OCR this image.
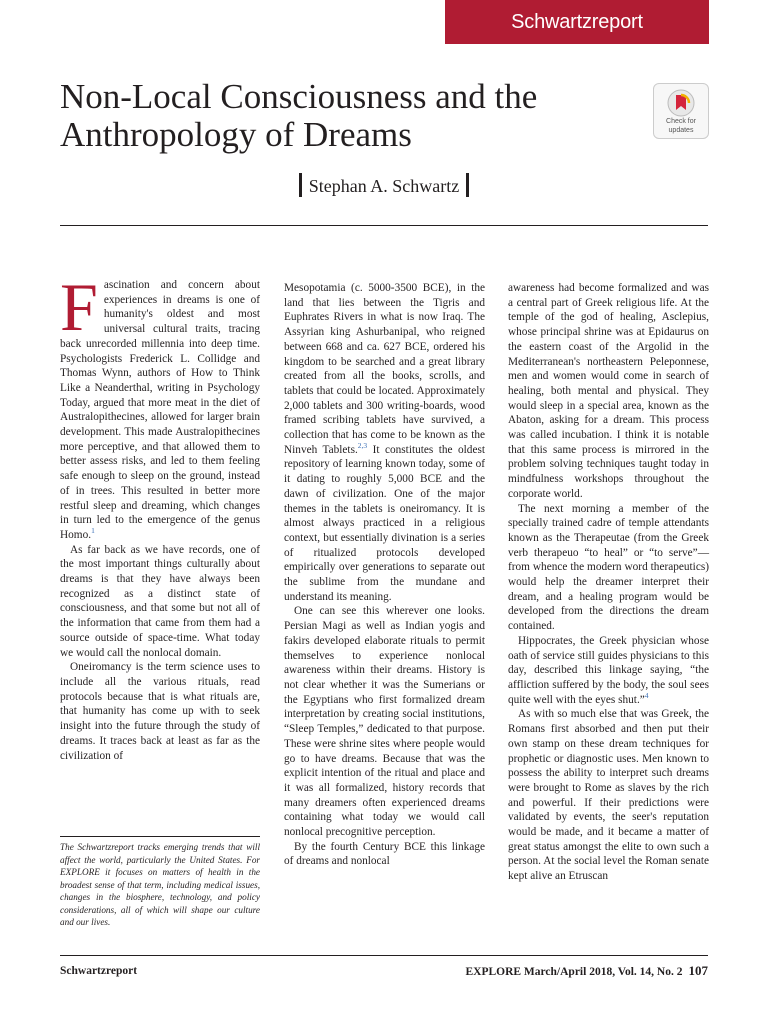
Schwartzreport
Non-Local Consciousness and the Anthropology of Dreams	Check for
updates
Stephan A. Schwartz

Fascination and concern about experiences in dreams is one of humanity's oldest and most universal cultural traits, tracing back unrecorded millennia into deep time. Psychologists Frederick L. Collidge and Thomas Wynn, authors of How to Think Like a Neanderthal, writing in Psychology Today, argued that more meat in the diet of Australopithecines, allowed for larger brain development. This made Australopithecines more perceptive, and that allowed them to better assess risks, and led to them feeling safe enough to sleep on the ground, instead of in trees. This resulted in better more restful sleep and dreaming, which changes in turn led to the emergence of the genus Homo.$^1$

As far back as we have records, one of the most important things culturally about dreams is that they have always been recognized as a distinct state of consciousness, and that some but not all of the information that came from them had a source outside of space-time. What today we would call the nonlocal domain.

Oneiromancy is the term science uses to include all the various rituals, read protocols because that is what rituals are, that humanity has come up with to seek insight into the future through the study of dreams. It traces back at least as far as the civilization of

Mesopotamia (c. 5000-3500 BCE), in the land that lies between the Tigris and Euphrates Rivers in what is now Iraq. The Assyrian king Ashurbanipal, who reigned between 668 and ca. 627 BCE, ordered his kingdom to be searched and a great library created from all the books, scrolls, and tablets that could be located. Approximately 2,000 tablets and 300 writing-boards, wood framed scribing tablets have survived, a collection that has come to be known as the Ninveh Tablets.$^{2,3}$ It constitutes the oldest repository of learning known today, some of it dating to roughly 5,000 BCE and the dawn of civilization. One of the major themes in the tablets is oneiromancy. It is almost always practiced in a religious context, but essentially divination is a series of ritualized protocols developed empirically over generations to separate out the sublime from the mundane and understand its meaning.

One can see this wherever one looks. Persian Magi as well as Indian yogis and fakirs developed elaborate rituals to permit themselves to experience nonlocal awareness within their dreams. History is not clear whether it was the Sumerians or the Egyptians who first formalized dream interpretation by creating social institutions, “Sleep Temples,” dedicated to that purpose. These were shrine sites where people would go to have dreams. Because that was the explicit intention of the ritual and place and it was all formalized, history records that many dreamers often experienced dreams containing what today we would call nonlocal precognitive perception.

By the fourth Century BCE this linkage of dreams and nonlocal

awareness had become formalized and was a central part of Greek religious life. At the temple of the god of healing, Asclepius, whose principal shrine was at Epidaurus on the eastern coast of the Argolid in the Mediterranean's northeastern Peleponnese, men and women would come in search of healing, both mental and physical. They would sleep in a special area, known as the Abaton, asking for a dream. This process was called incubation. I think it is notable that this same process is mirrored in the problem solving techniques taught today in mindfulness workshops throughout the corporate world.

The next morning a member of the specially trained cadre of temple attendants known as the Therapeutae (from the Greek verb therapeuo “to heal” or “to serve”—from whence the modern word therapeutics) would help the dreamer interpret their dream, and a healing program would be developed from the directions the dream contained.

Hippocrates, the Greek physician whose oath of service still guides physicians to this day, described this linkage saying, “the affliction suffered by the body, the soul sees quite well with the eyes shut.”$^4$

As with so much else that was Greek, the Romans first absorbed and then put their own stamp on these dream techniques for prophetic or diagnostic uses. Men known to possess the ability to interpret such dreams were brought to Rome as slaves by the rich and powerful. If their predictions were validated by events, the seer's reputation would be made, and it became a matter of great status amongst the elite to own such a person. At the social level the Roman senate kept alive an Etruscan

The Schwartzreport tracks emerging trends that will affect the world, particularly the United States. For EXPLORE it focuses on matters of health in the broadest sense of that term, including medical issues, changes in the biosphere, technology, and policy considerations, all of which will shape our culture and our lives.
Schwartzreport	EXPLORE March/April 2018, Vol. 14, No. 2 107
